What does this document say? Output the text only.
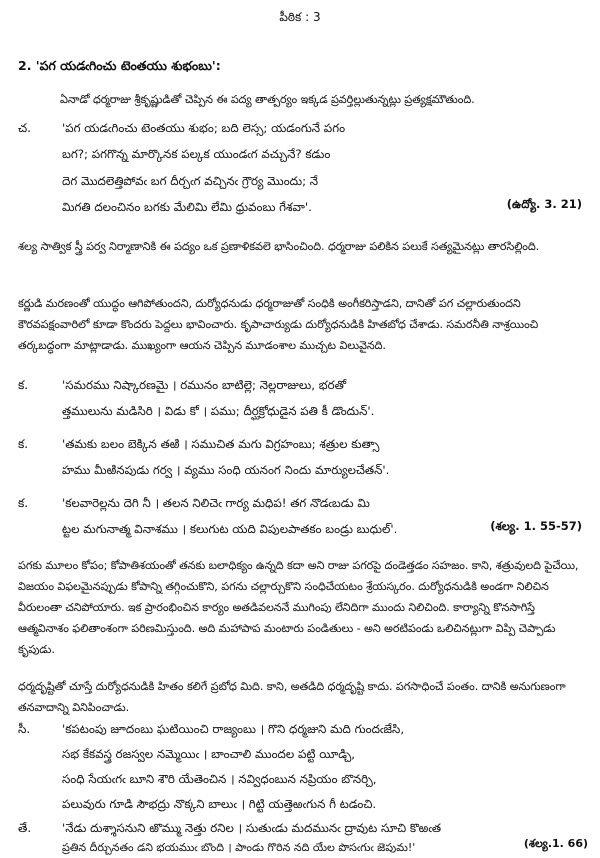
పీఠిక : 3
2. 'పగ యడఁగించు టెంతయు శుభంబు':
ఏనాడో ధర్మరాజు శ్రీకృష్ణుడితో చెప్పిన ఈ పద్య తాత్పర్యం ఇక్కడ ప్రవర్తిల్లుతున్నట్లు ప్రత్యక్షమౌతుంది.
చ.	'పగ యడఁగించు టెంతయు శుభం; బది లెస్స; యడంగునే పగం
బగ?; పగగొన్న మార్కొనక పల్కక యుండఁగ వచ్చునే? కడుం
దెగ మొదలెత్తిపోవఁ బగ దీర్చఁగ వచ్చినఁ గ్రౌర్య మొందు; నే
మిగతి దలంచినం బగకు మేలిమి లేమి ధ్రువంబు గేశవా'.	(ఉద్యో. 3. 21)
శల్య సాత్విక స్త్రీ పర్వ నిర్మాణానికి ఈ పద్యం ఒక ప్రణాళికవలె భాసించింది. ధర్మరాజు పలికిన పలుకే సత్యమైనట్లు తారసిల్లింది.
కర్ణుడి మరణంతో యుద్ధం ఆగిపోతుందని, దుర్యోధనుడు ధర్మరాజుతో సంధికి అంగీకరిస్తాడని, దానితో పగ చల్లారుతుందని కౌరవపక్షంవారిలో కూడా కొందరు పెద్దలు భావించారు. కృపాచార్యుడు దుర్యోధనుడికి హితబోధ చేశాడు. సమరనీతి నాశ్రయించి తర్కబద్ధంగా మాట్లాడాడు. ముఖ్యంగా ఆయన చెప్పిన మూడంశాల ముచ్చట విలువైనది.
క.	'సమరము నిష్కారణమై । రమునం బాటిల్లె; నెల్లరాజులు, భరతో
త్తములును మడిసిరి । విడు కో । పము; దీర్ఘక్రోధుడైన పతి కీ డొందున్'.
క.	'తమకు బలం బెక్కిన తఱి । సముచిత మగు విగ్రహంబు; శత్రుల కుత్సా
హము మీఱినపుడు గర్వ । వ్యము సంధి యనంగ నిందు మార్యులచేతన్'.
క.	'కలవారెల్లను దెగి నీ । తలన నిలిచెఁ గార్య మధిప! తగ నొడఁబడు మి
ట్టల మగునాత్మ వినాశము । కలుగుట యది విపులపాతకం బండ్రు బుధుల్'.	(శల్య. 1. 55-57)
పగకు మూలం కోపం; కోపాతిశయంతో తనకు బలాధిక్యం ఉన్నది కదా అని రాజు పగరపై దండెత్తడం సహజం. కాని, శత్రువులది పైచేయి, విజయం విఫలమైనప్పుడు కోపాన్ని తగ్గించుకొని, పగను చల్లార్చుకొని సంధిచేయటం శ్రేయస్కరం. దుర్యోధనుడికి అండగా నిలిచిన వీరులంతా చనిపోయారు. ఇక ప్రారంభించిన కార్యం అతడివలననే ముగింపు లేనిదిగా ముందు నిలిచింది. కార్యాన్ని కొనసాగిస్తే ఆత్మవినాశం ఫలితాంశంగా పరిణమిస్తుంది. అది మహాపాప మంటారు పండితులు - అని అరటిపండు ఒలిచినట్లుగా విప్పి చెప్పాడు కృపుడు.
ధర్మదృష్టితో చూస్తే దుర్యోధనుడికి హితం కలిగే ప్రబోధ మిది. కాని, అతడిది ధర్మదృష్టి కాదు. పగసాధించే పంతం. దానికి అనుగుణంగా తనవాదాన్ని వినిపించాడు.
సీ.	'కపటంపు జూదంబు ఘటియించి రాజ్యంబు । గొని ధర్మజుని మది గుందఁజేసి,
సభ కేకవస్త్ర రజస్వల నమ్మెయిఁ । బాంచాలి ముందల పట్టి యీడ్చి,
సంధి సేయఁగఁ బూని శౌరి యేతెంచిన । నవ్విధంబున నప్రియం బొనర్చి,
పలువురు గూడి సౌభద్రు నొక్కని బాలుఁ । గిట్టి యత్తెఱఁగున గీ టడంచి.
తే.	'నేడు దుశ్శాసనుని ఱొమ్ము నెత్తు రనిల । సుతుఁడు మదమునఁ ద్రావుట సూచి కొఱఁత
ప్రతిన దీర్చునతం డని భయముఁ బొంది । పాండు గొరిన నది యేల పొసఁగుఁ జెపుమ!'	(శల్య.1. 66)
